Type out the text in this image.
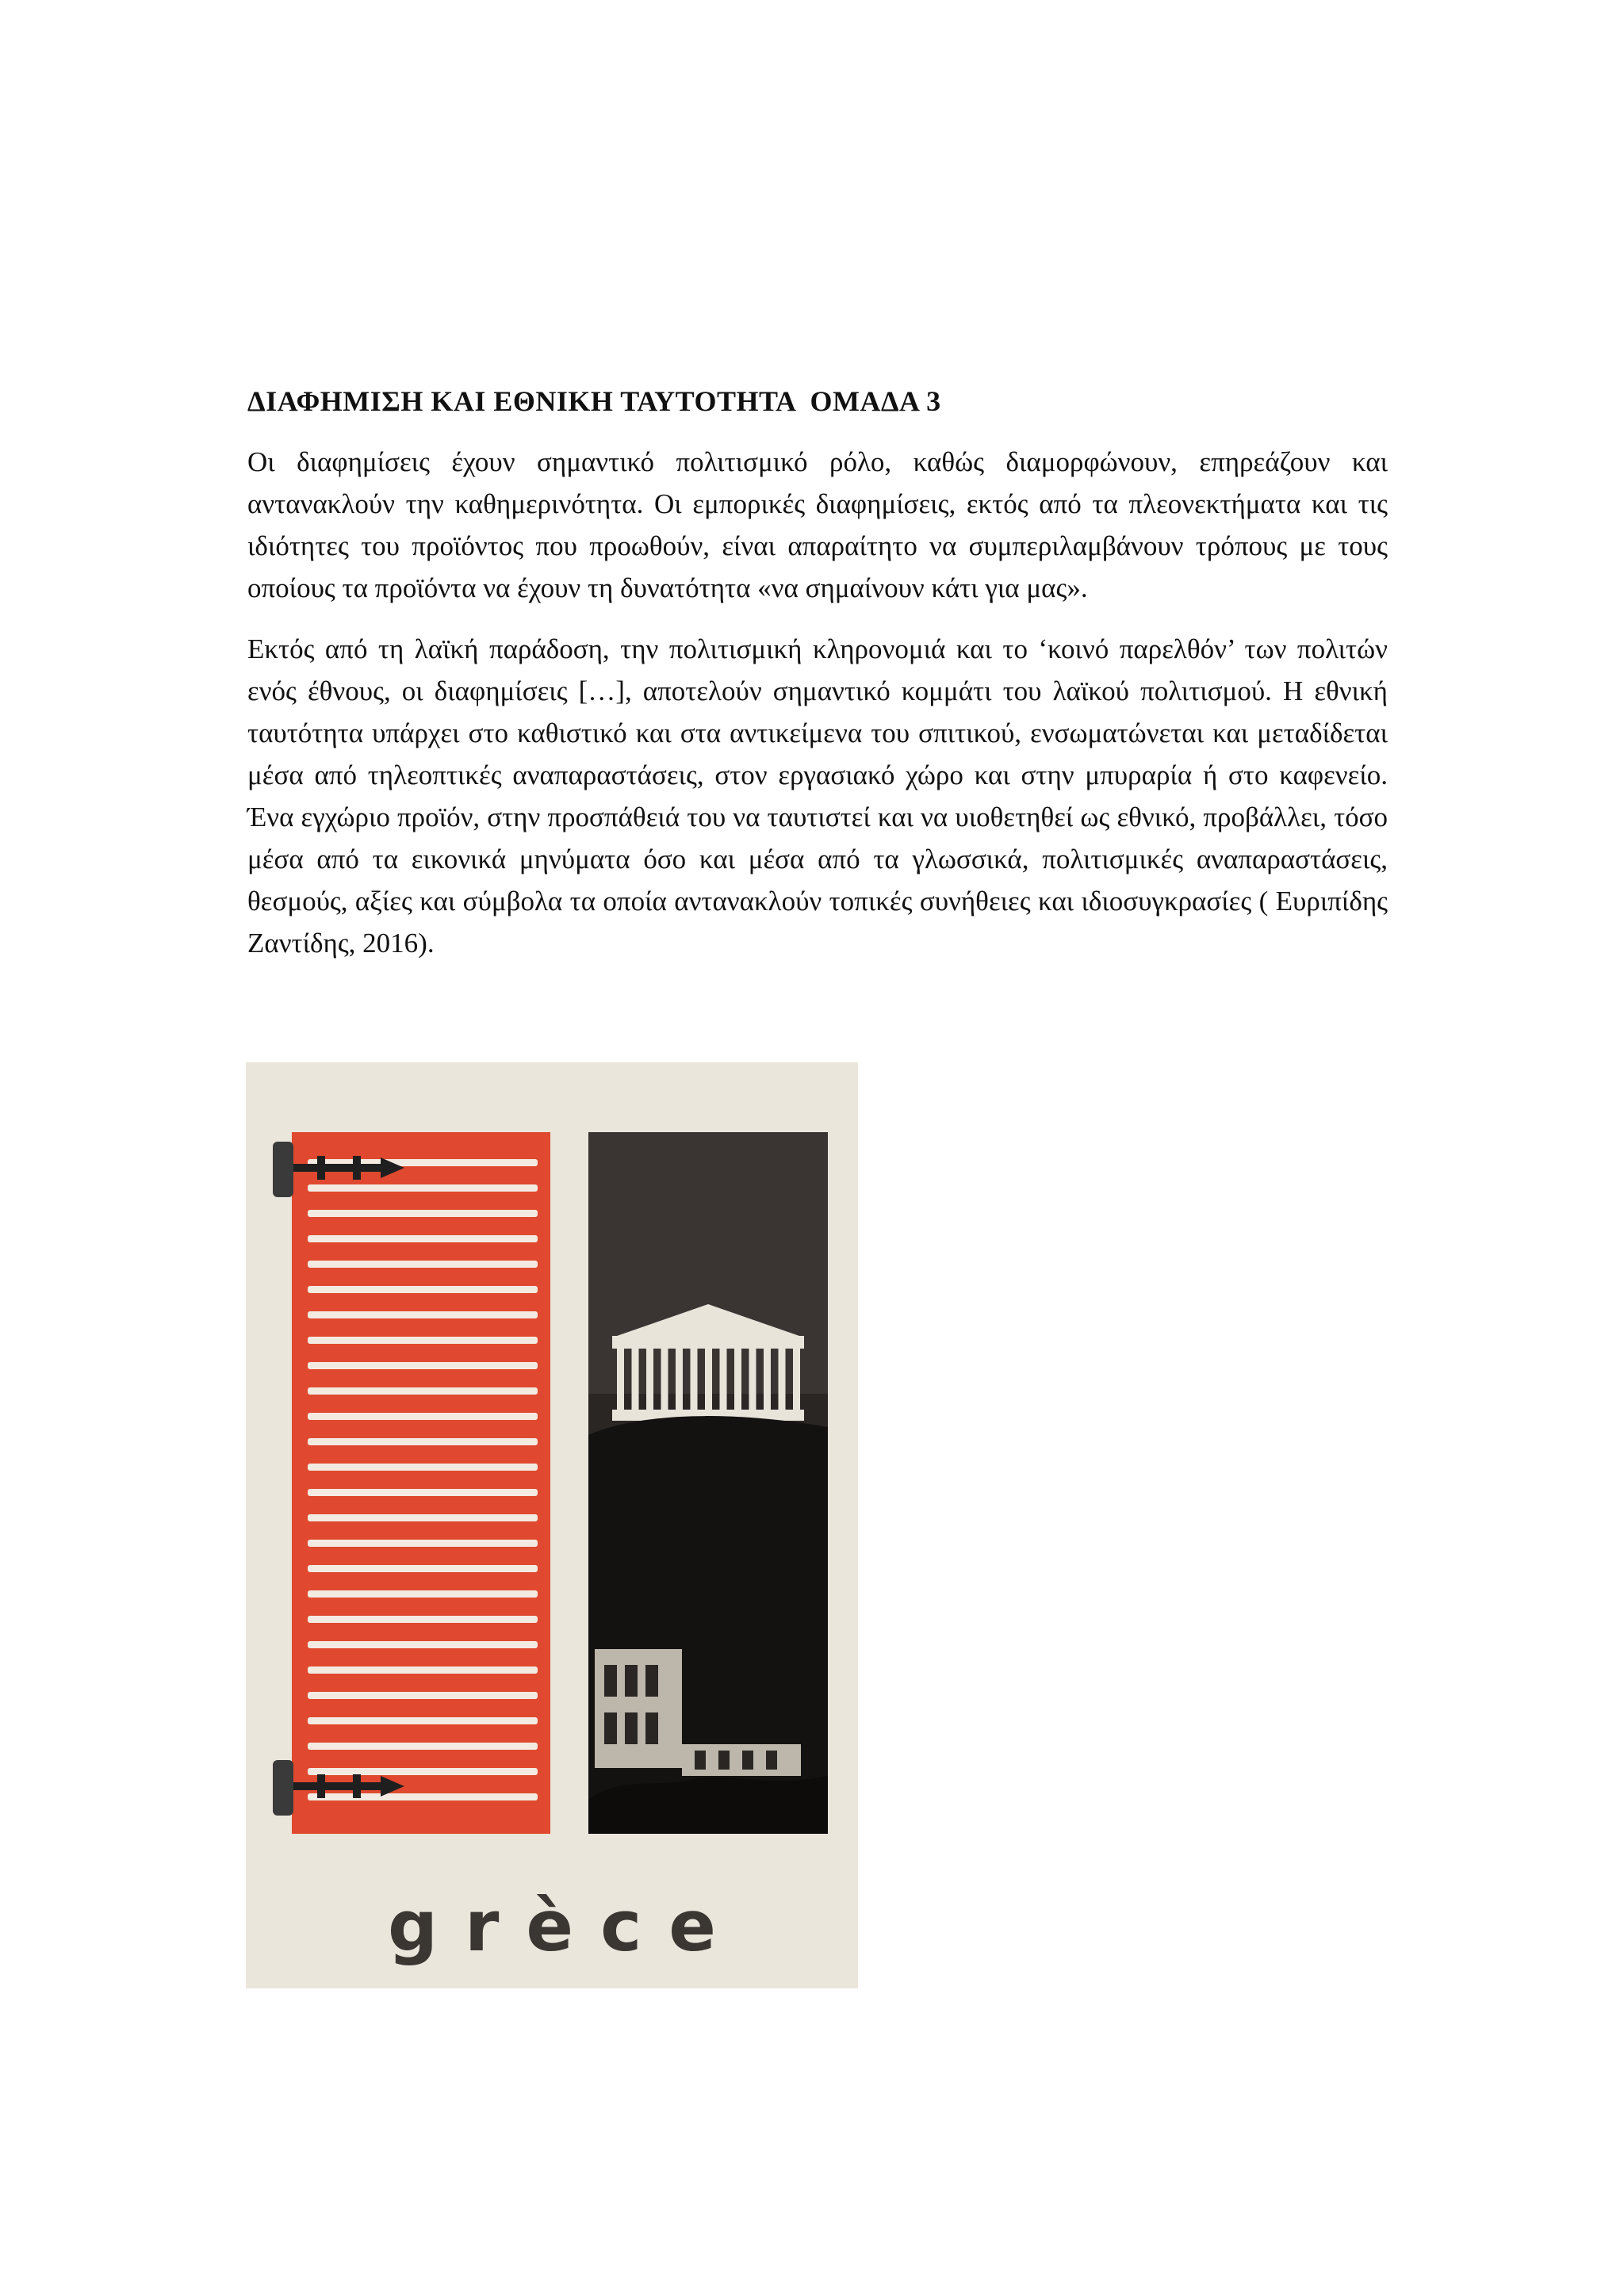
ΔΙΑΦΗΜΙΣΗ ΚΑΙ ΕΘΝΙΚΗ ΤΑΥΤΟΤΗΤΑ  ΟΜΑΔΑ 3

Οι διαφημίσεις έχουν σημαντικό πολιτισμικό ρόλο, καθώς διαμορφώνουν, επηρεάζουν και αντανακλούν την καθημερινότητα. Οι εμπορικές διαφημίσεις, εκτός από τα πλεονεκτήματα και τις ιδιότητες του προϊόντος που προωθούν, είναι απαραίτητο να συμπεριλαμβάνουν τρόπους με τους οποίους τα προϊόντα να έχουν τη δυνατότητα «να σημαίνουν κάτι για μας».

Εκτός από τη λαϊκή παράδοση, την πολιτισμική κληρονομιά και το ‘κοινό παρελθόν’ των πολιτών ενός έθνους, οι διαφημίσεις […], αποτελούν σημαντικό κομμάτι του λαϊκού πολιτισμού. Η εθνική ταυτότητα υπάρχει στο καθιστικό και στα αντικείμενα του σπιτικού, ενσωματώνεται και μεταδίδεται μέσα από τηλεοπτικές αναπαραστάσεις, στον εργασιακό χώρο και στην μπυραρία ή στο καφενείο. Ένα εγχώριο προϊόν, στην προσπάθειά του να ταυτιστεί και να υιοθετηθεί ως εθνικό, προβάλλει, τόσο μέσα από τα εικονικά μηνύματα όσο και μέσα από τα γλωσσικά, πολιτισμικές αναπαραστάσεις, θεσμούς, αξίες και σύμβολα τα οποία αντανακλούν τοπικές συνήθειες και ιδιοσυγκρασίες ( Ευριπίδης Ζαντίδης, 2016).

grèce
